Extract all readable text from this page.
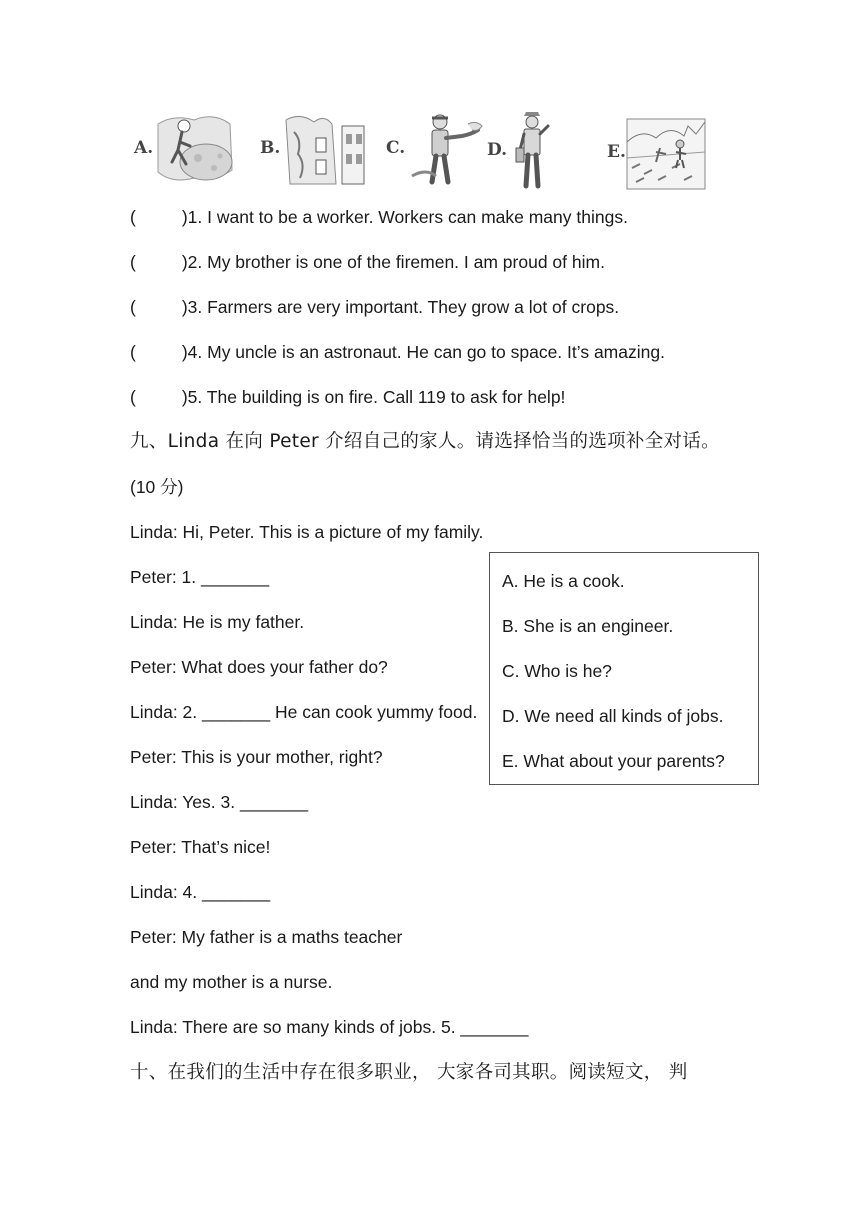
A.	B.	C.	D.	E.
(	)1. I want to be a worker. Workers can make many things.
(	)2. My brother is one of the firemen. I am proud of him.
(	)3. Farmers are very important. They grow a lot of crops.
(	)4. My uncle is an astronaut. He can go to space. It’s amazing.
(	)5. The building is on fire. Call 119 to ask for help!
九、Linda 在向 Peter 介绍自己的家人。请选择恰当的选项补全对话。
(10 分)
Linda: Hi, Peter. This is a picture of my family.
Peter: 1. _______
Linda: He is my father.
Peter: What does your father do?
Linda: 2. _______ He can cook yummy food.
Peter: This is your mother, right?
Linda: Yes. 3. _______
Peter: That’s nice!
Linda: 4. _______
Peter: My father is a maths teacher
and my mother is a nurse.
Linda: There are so many kinds of jobs. 5. _______
A. He is a cook.
B. She is an engineer.
C. Who is he?
D. We need all kinds of jobs.
E. What about your parents?
十、在我们的生活中存在很多职业， 大家各司其职。阅读短文， 判
